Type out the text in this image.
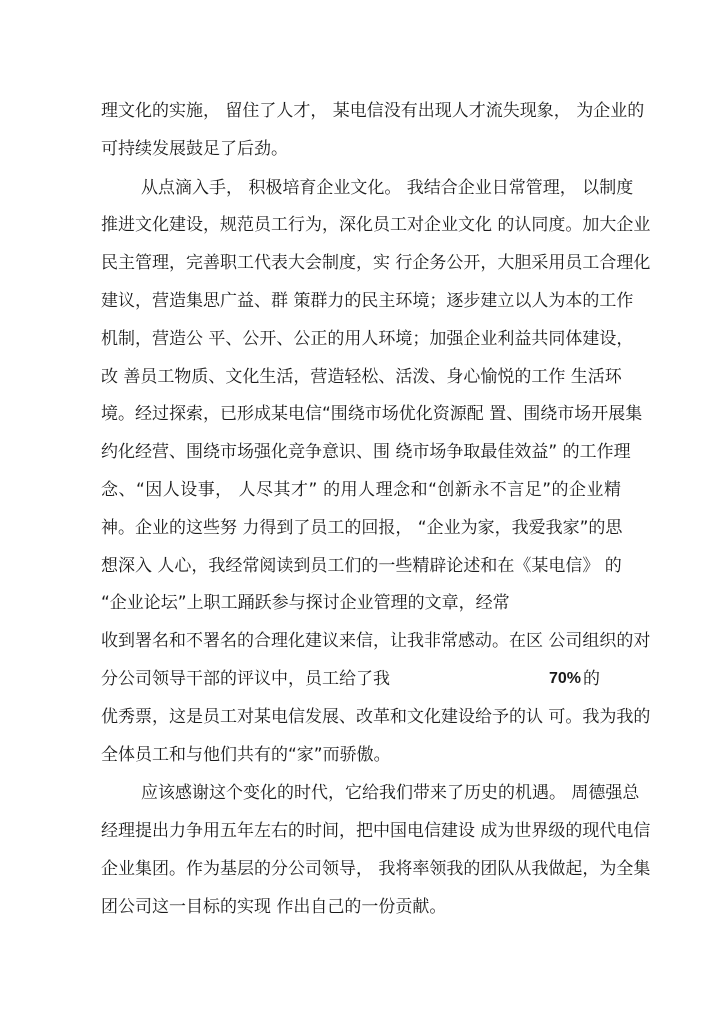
理文化的实施， 留住了人才， 某电信没有出现人才流失现象， 为企业的

可持续发展鼓足了后劲。

从点滴入手， 积极培育企业文化。 我结合企业日常管理， 以制度

推进文化建设，规范员工行为，深化员工对企业文化 的认同度。加大企业

民主管理，完善职工代表大会制度，实 行企务公开，大胆采用员工合理化

建议，营造集思广益、群 策群力的民主环境；逐步建立以人为本的工作

机制，营造公 平、公开、公正的用人环境；加强企业利益共同体建设，

改 善员工物质、文化生活，营造轻松、活泼、身心愉悦的工作 生活环

境。经过探索，已形成某电信“围绕市场优化资源配 置、围绕市场开展集

约化经营、围绕市场强化竞争意识、围 绕市场争取最佳效益” 的工作理

念、“因人设事， 人尽其才” 的用人理念和“创新永不言足”的企业精

神。企业的这些努 力得到了员工的回报， “企业为家，我爱我家”的思

想深入 人心，我经常阅读到员工们的一些精辟论述和在《某电信》 的

“企业论坛”上职工踊跃参与探讨企业管理的文章，经常

收到署名和不署名的合理化建议来信，让我非常感动。在区 公司组织的对

分公司领导干部的评议中，员工给了我	70% 的

优秀票，这是员工对某电信发展、改革和文化建设给予的认 可。我为我的

全体员工和与他们共有的“家”而骄傲。

应该感谢这个变化的时代，它给我们带来了历史的机遇。 周德强总

经理提出力争用五年左右的时间，把中国电信建设 成为世界级的现代电信

企业集团。作为基层的分公司领导， 我将率领我的团队从我做起，为全集

团公司这一目标的实现 作出自己的一份贡献。
